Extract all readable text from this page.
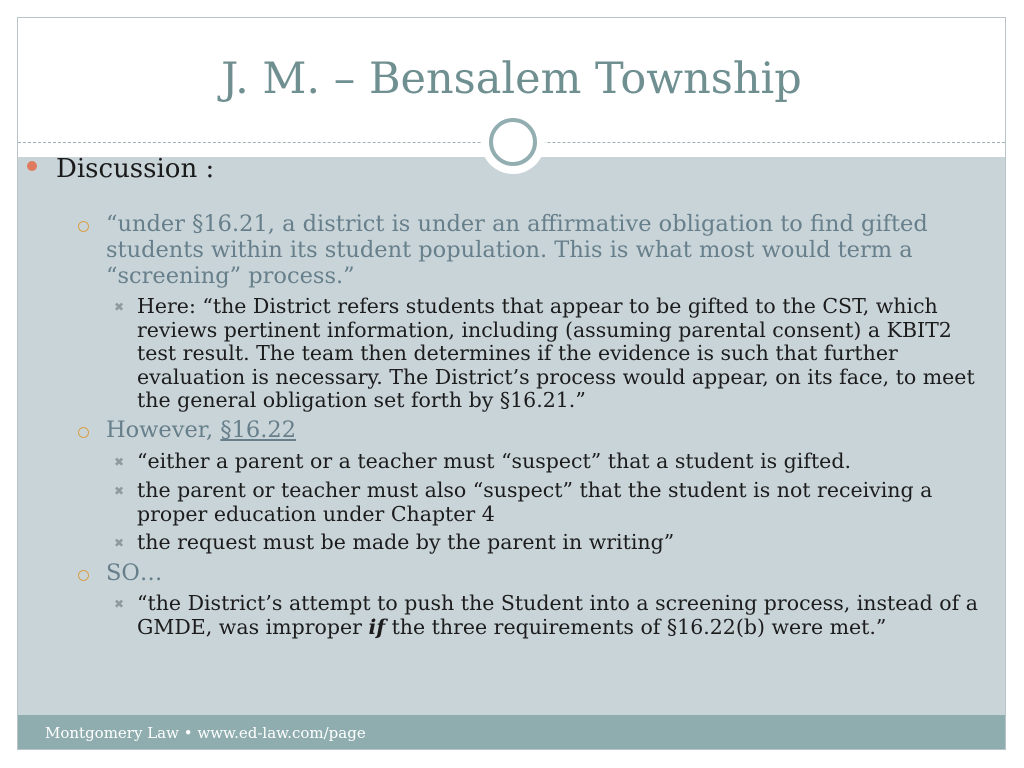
J. M. – Bensalem Township
Montgomery Law • www.ed-law.com/page
Discussion :
“under §16.21, a district is under an affirmative obligation to find gifted students within its student population. This is what most would term a “screening” process.”
✖ Here: “the District refers students that appear to be gifted to the CST, which reviews pertinent information, including (assuming parental consent) a KBIT2 test result. The team then determines if the evidence is such that further evaluation is necessary. The District’s process would appear, on its face, to meet the general obligation set forth by §16.21.”
However, §16.22
✖ “either a parent or a teacher must “suspect” that a student is gifted.
✖ the parent or teacher must also “suspect” that the student is not receiving a proper education under Chapter 4
✖ the request must be made by the parent in writing”
SO…
✖ “the District’s attempt to push the Student into a screening process, instead of a GMDE, was improper if the three requirements of §16.22(b) were met.”
